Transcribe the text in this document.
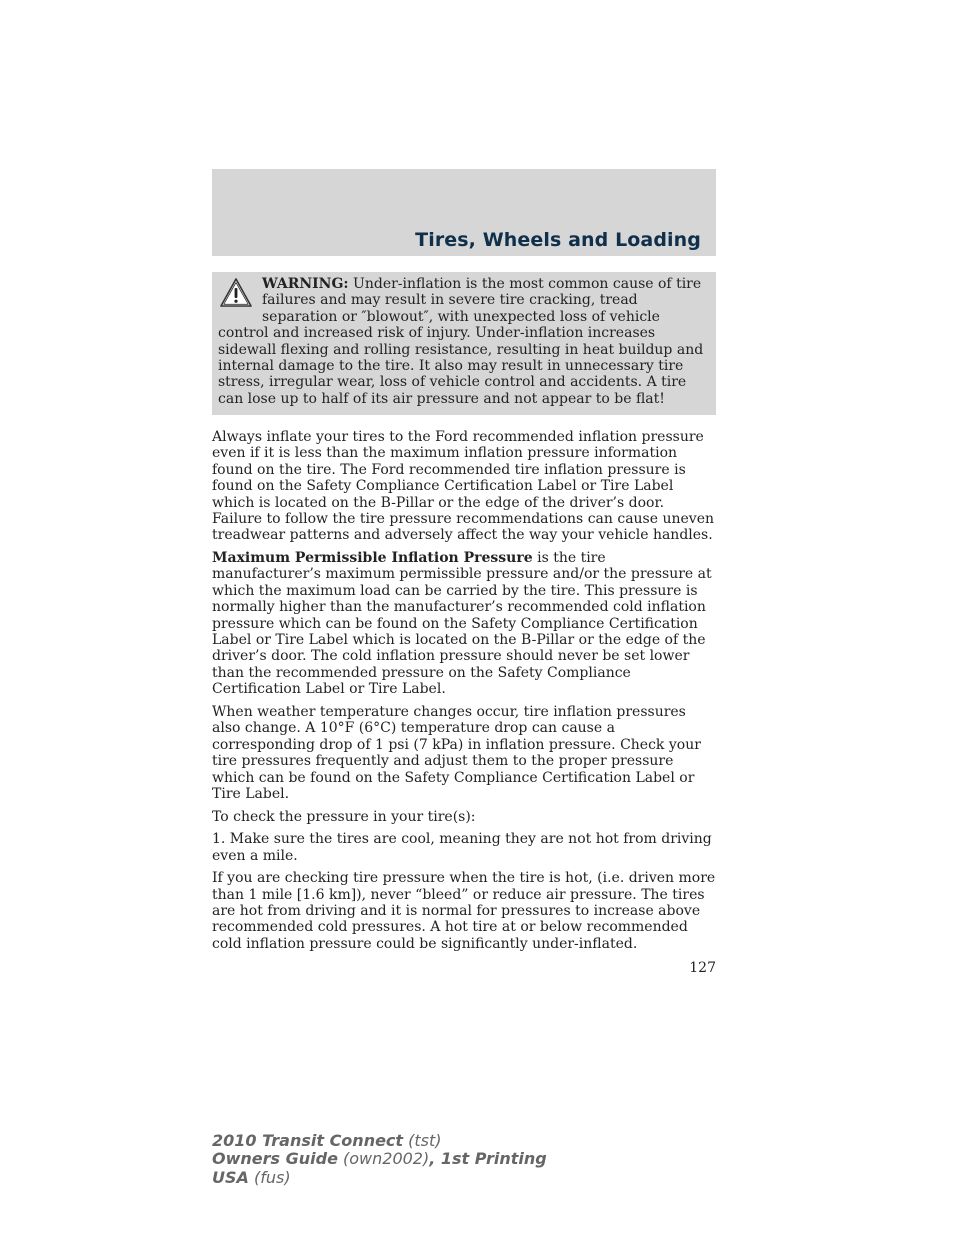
Tires, Wheels and Loading
WARNING: Under-inflation is the most common cause of tire failures and may result in severe tire cracking, tread separation or ″blowout″, with unexpected loss of vehicle control and increased risk of injury. Under-inflation increases sidewall flexing and rolling resistance, resulting in heat buildup and internal damage to the tire. It also may result in unnecessary tire stress, irregular wear, loss of vehicle control and accidents. A tire can lose up to half of its air pressure and not appear to be flat!

Always inflate your tires to the Ford recommended inflation pressure even if it is less than the maximum inflation pressure information found on the tire. The Ford recommended tire inflation pressure is found on the Safety Compliance Certification Label or Tire Label which is located on the B-Pillar or the edge of the driver’s door. Failure to follow the tire pressure recommendations can cause uneven treadwear patterns and adversely affect the way your vehicle handles.

Maximum Permissible Inflation Pressure is the tire manufacturer’s maximum permissible pressure and/or the pressure at which the maximum load can be carried by the tire. This pressure is normally higher than the manufacturer’s recommended cold inflation pressure which can be found on the Safety Compliance Certification Label or Tire Label which is located on the B-Pillar or the edge of the driver’s door. The cold inflation pressure should never be set lower than the recommended pressure on the Safety Compliance Certification Label or Tire Label.

When weather temperature changes occur, tire inflation pressures also change. A 10°F (6°C) temperature drop can cause a corresponding drop of 1 psi (7 kPa) in inflation pressure. Check your tire pressures frequently and adjust them to the proper pressure which can be found on the Safety Compliance Certification Label or Tire Label.

To check the pressure in your tire(s):

1. Make sure the tires are cool, meaning they are not hot from driving even a mile.

If you are checking tire pressure when the tire is hot, (i.e. driven more than 1 mile [1.6 km]), never “bleed” or reduce air pressure. The tires are hot from driving and it is normal for pressures to increase above recommended cold pressures. A hot tire at or below recommended cold inflation pressure could be significantly under-inflated.

127
2010 Transit Connect (tst)
Owners Guide (own2002), 1st Printing
USA (fus)
